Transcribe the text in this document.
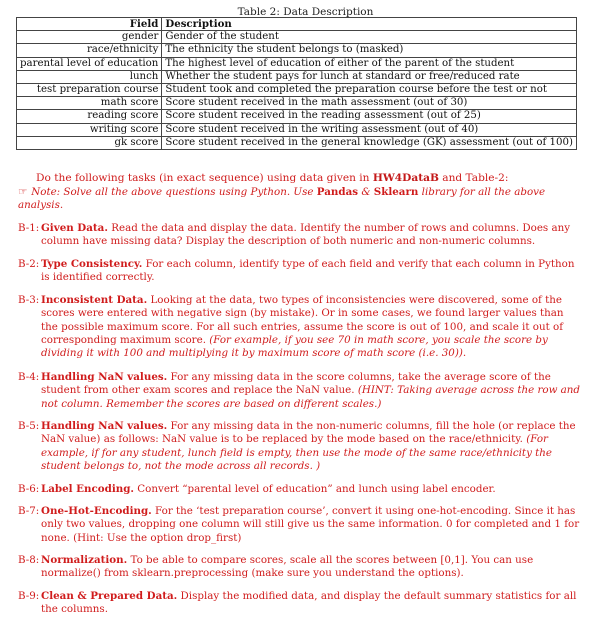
Table 2: Data Description
Field	Description
gender	Gender of the student
race/ethnicity	The ethnicity the student belongs to (masked)
parental level of education	The highest level of education of either of the parent of the student
lunch	Whether the student pays for lunch at standard or free/reduced rate
test preparation course	Student took and completed the preparation course before the test or not
math score	Score student received in the math assessment (out of 30)
reading score	Score student received in the reading assessment (out of 25)
writing score	Score student received in the writing assessment (out of 40)
gk score	Score student received in the general knowledge (GK) assessment (out of 100)
Do the following tasks (in exact sequence) using data given in HW4DataB and Table-2:
☞ Note: Solve all the above questions using Python. Use Pandas & Sklearn library for all the above analysis.
B-1: Given Data. Read the data and display the data. Identify the number of rows and columns. Does any column have missing data? Display the description of both numeric and non-numeric columns.
B-2: Type Consistency. For each column, identify type of each field and verify that each column in Python is identified correctly.
B-3: Inconsistent Data. Looking at the data, two types of inconsistencies were discovered, some of the scores were entered with negative sign (by mistake). Or in some cases, we found larger values than the possible maximum score. For all such entries, assume the score is out of 100, and scale it out of corresponding maximum score. (For example, if you see 70 in math score, you scale the score by dividing it with 100 and multiplying it by maximum score of math score (i.e. 30)).
B-4: Handling NaN values. For any missing data in the score columns, take the average score of the student from other exam scores and replace the NaN value. (HINT: Taking average across the row and not column. Remember the scores are based on different scales.)
B-5: Handling NaN values. For any missing data in the non-numeric columns, fill the hole (or replace the NaN value) as follows: NaN value is to be replaced by the mode based on the race/ethnicity. (For example, if for any student, lunch field is empty, then use the mode of the same race/ethnicity the student belongs to, not the mode across all records. )
B-6: Label Encoding. Convert “parental level of education” and lunch using label encoder.
B-7: One-Hot-Encoding. For the ‘test preparation course’, convert it using one-hot-encoding. Since it has only two values, dropping one column will still give us the same information. 0 for completed and 1 for none. (Hint: Use the option drop_first)
B-8: Normalization. To be able to compare scores, scale all the scores between [0,1]. You can use normalize() from sklearn.preprocessing (make sure you understand the options).
B-9: Clean & Prepared Data. Display the modified data, and display the default summary statistics for all the columns.
